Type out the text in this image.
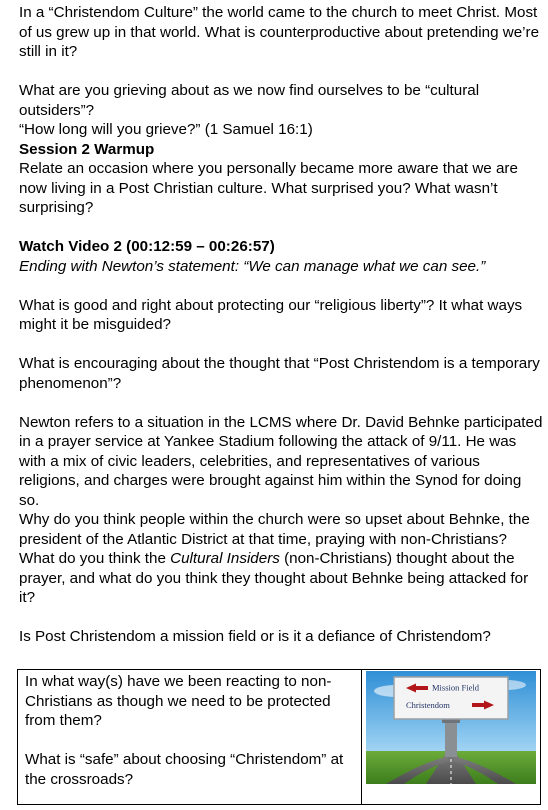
In a “Christendom Culture” the world came to the church to meet Christ. Most of us grew up in that world. What is counterproductive about pretending we’re still in it?

What are you grieving about as we now find ourselves to be “cultural outsiders”?

“How long will you grieve?” (1 Samuel 16:1)

Session 2 Warmup

Relate an occasion where you personally became more aware that we are now living in a Post Christian culture. What surprised you? What wasn’t surprising?

Watch Video 2 (00:12:59 – 00:26:57)

Ending with Newton’s statement: “We can manage what we can see.”

What is good and right about protecting our “religious liberty”? It what ways might it be misguided?

What is encouraging about the thought that “Post Christendom is a temporary phenomenon”?

Newton refers to a situation in the LCMS where Dr. David Behnke participated in a prayer service at Yankee Stadium following the attack of 9/11. He was with a mix of civic leaders, celebrities, and representatives of various religions, and charges were brought against him within the Synod for doing so.

Why do you think people within the church were so upset about Behnke, the president of the Atlantic District at that time, praying with non-Christians?

What do you think the Cultural Insiders (non-Christians) thought about the prayer, and what do you think they thought about Behnke being attacked for it?

Is Post Christendom a mission field or is it a defiance of Christendom?

In what way(s) have we been reacting to non-Christians as though we need to be protected from them?

What is “safe” about choosing “Christendom” at the crossroads?

Mission Field
Christendom
